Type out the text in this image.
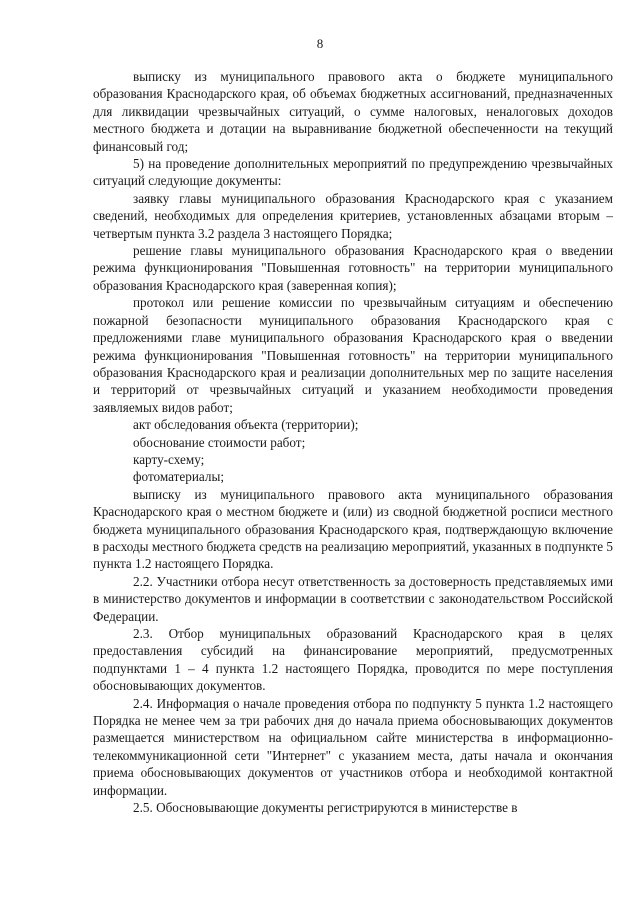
8

выписку из муниципального правового акта о бюджете муниципального образования Краснодарского края, об объемах бюджетных ассигнований, предназначенных для ликвидации чрезвычайных ситуаций, о сумме налоговых, неналоговых доходов местного бюджета и дотации на выравнивание бюджетной обеспеченности на текущий финансовый год;

5) на проведение дополнительных мероприятий по предупреждению чрезвычайных ситуаций следующие документы:

заявку главы муниципального образования Краснодарского края с указанием сведений, необходимых для определения критериев, установленных абзацами вторым – четвертым пункта 3.2 раздела 3 настоящего Порядка;

решение главы муниципального образования Краснодарского края о введении режима функционирования "Повышенная готовность" на территории муниципального образования Краснодарского края (заверенная копия);

протокол или решение комиссии по чрезвычайным ситуациям и обеспечению пожарной безопасности муниципального образования Краснодарского края с предложениями главе муниципального образования Краснодарского края о введении режима функционирования "Повышенная готовность" на территории муниципального образования Краснодарского края и реализации дополнительных мер по защите населения и территорий от чрезвычайных ситуаций и указанием необходимости проведения заявляемых видов работ;

акт обследования объекта (территории);

обоснование стоимости работ;

карту-схему;

фотоматериалы;

выписку из муниципального правового акта муниципального образования Краснодарского края о местном бюджете и (или) из сводной бюджетной росписи местного бюджета муниципального образования Краснодарского края, подтверждающую включение в расходы местного бюджета средств на реализацию мероприятий, указанных в подпункте 5 пункта 1.2 настоящего Порядка.

2.2. Участники отбора несут ответственность за достоверность представляемых ими в министерство документов и информации в соответствии с законодательством Российской Федерации.

2.3. Отбор муниципальных образований Краснодарского края в целях предоставления субсидий на финансирование мероприятий, предусмотренных подпунктами 1 – 4 пункта 1.2 настоящего Порядка, проводится по мере поступления обосновывающих документов.

2.4. Информация о начале проведения отбора по подпункту 5 пункта 1.2 настоящего Порядка не менее чем за три рабочих дня до начала приема обосновывающих документов размещается министерством на официальном сайте министерства в информационно-телекоммуникационной сети "Интернет" с указанием места, даты начала и окончания приема обосновывающих документов от участников отбора и необходимой контактной информации.

2.5. Обосновывающие документы регистрируются в министерстве в
